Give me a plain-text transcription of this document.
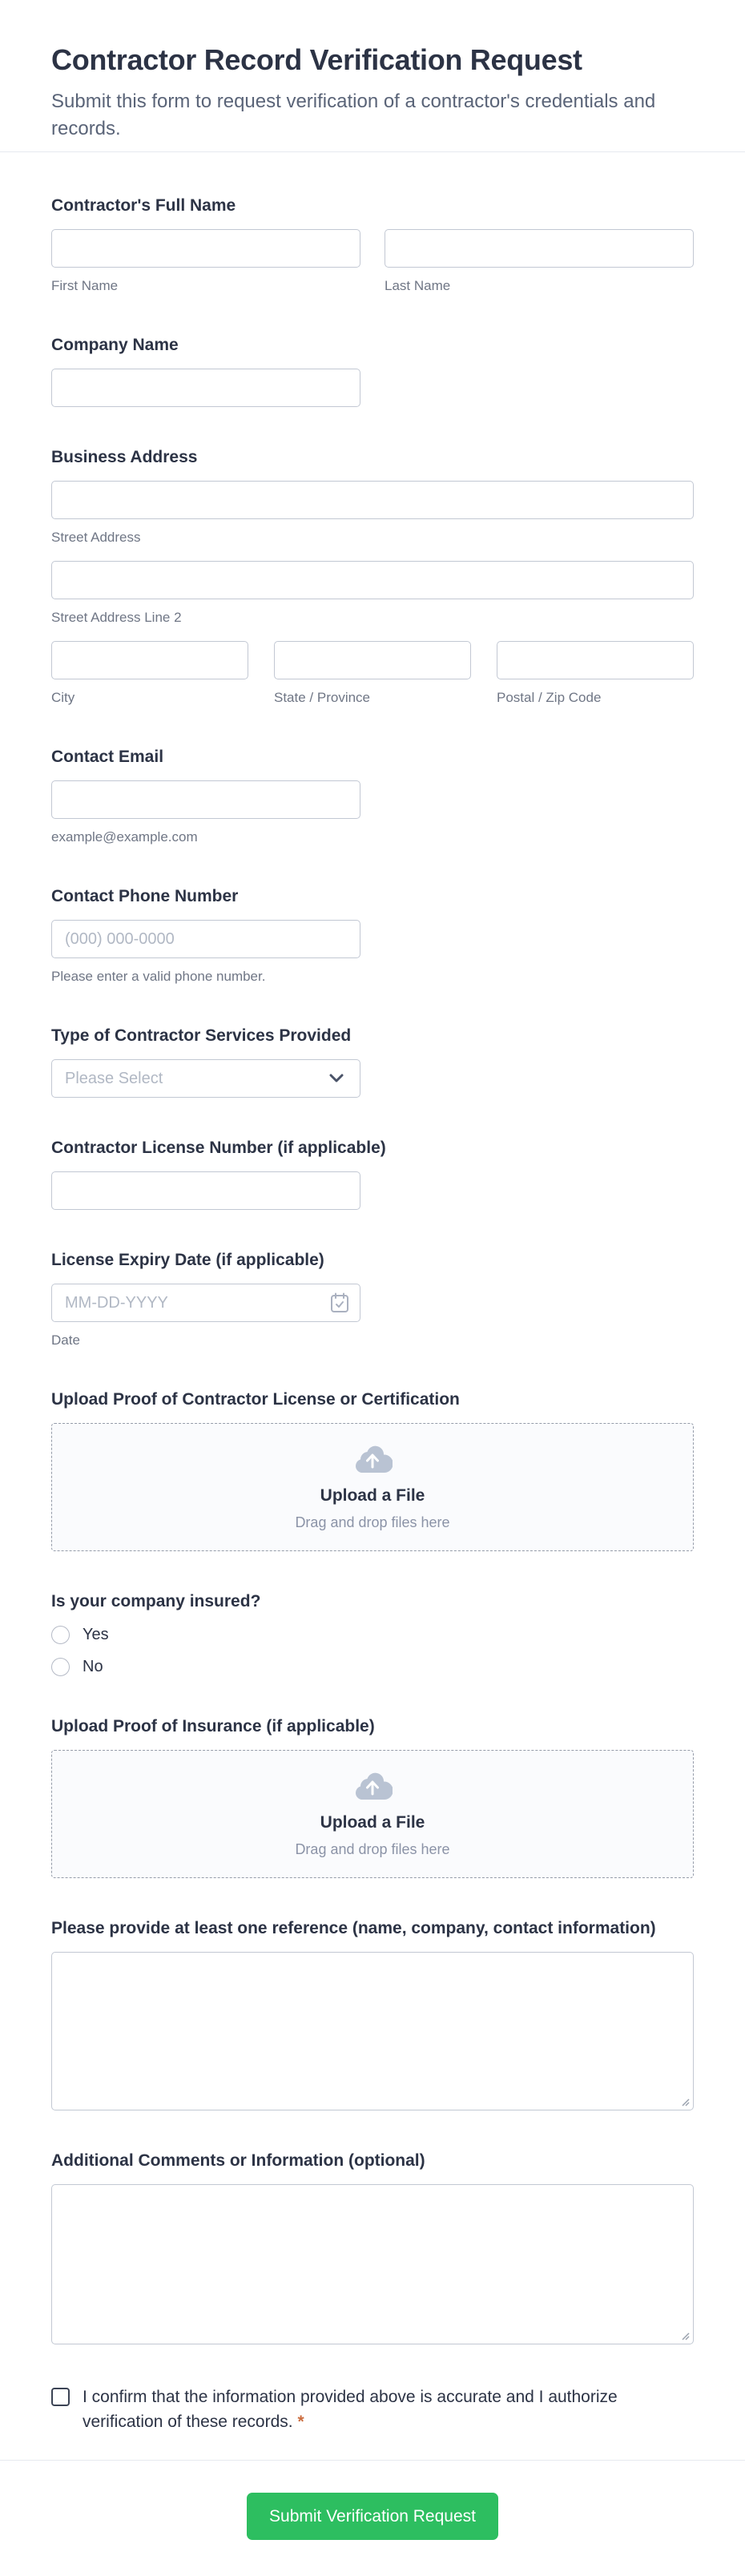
Contractor Record Verification Request
Submit this form to request verification of a contractor's credentials and records.
Contractor's Full Name
First Name	Last Name
Company Name
Business Address
Street Address
Street Address Line 2
City	State / Province	Postal / Zip Code
Contact Email
example@example.com
Contact Phone Number
(000) 000-0000
Please enter a valid phone number.
Type of Contractor Services Provided
Please Select
Contractor License Number (if applicable)
License Expiry Date (if applicable)
MM-DD-YYYY
Date
Upload Proof of Contractor License or Certification
Upload a File
Drag and drop files here
Is your company insured?
Yes
No
Upload Proof of Insurance (if applicable)
Upload a File
Drag and drop files here
Please provide at least one reference (name, company, contact information)
Additional Comments or Information (optional)
I confirm that the information provided above is accurate and I authorize verification of these records. *
Submit Verification Request
